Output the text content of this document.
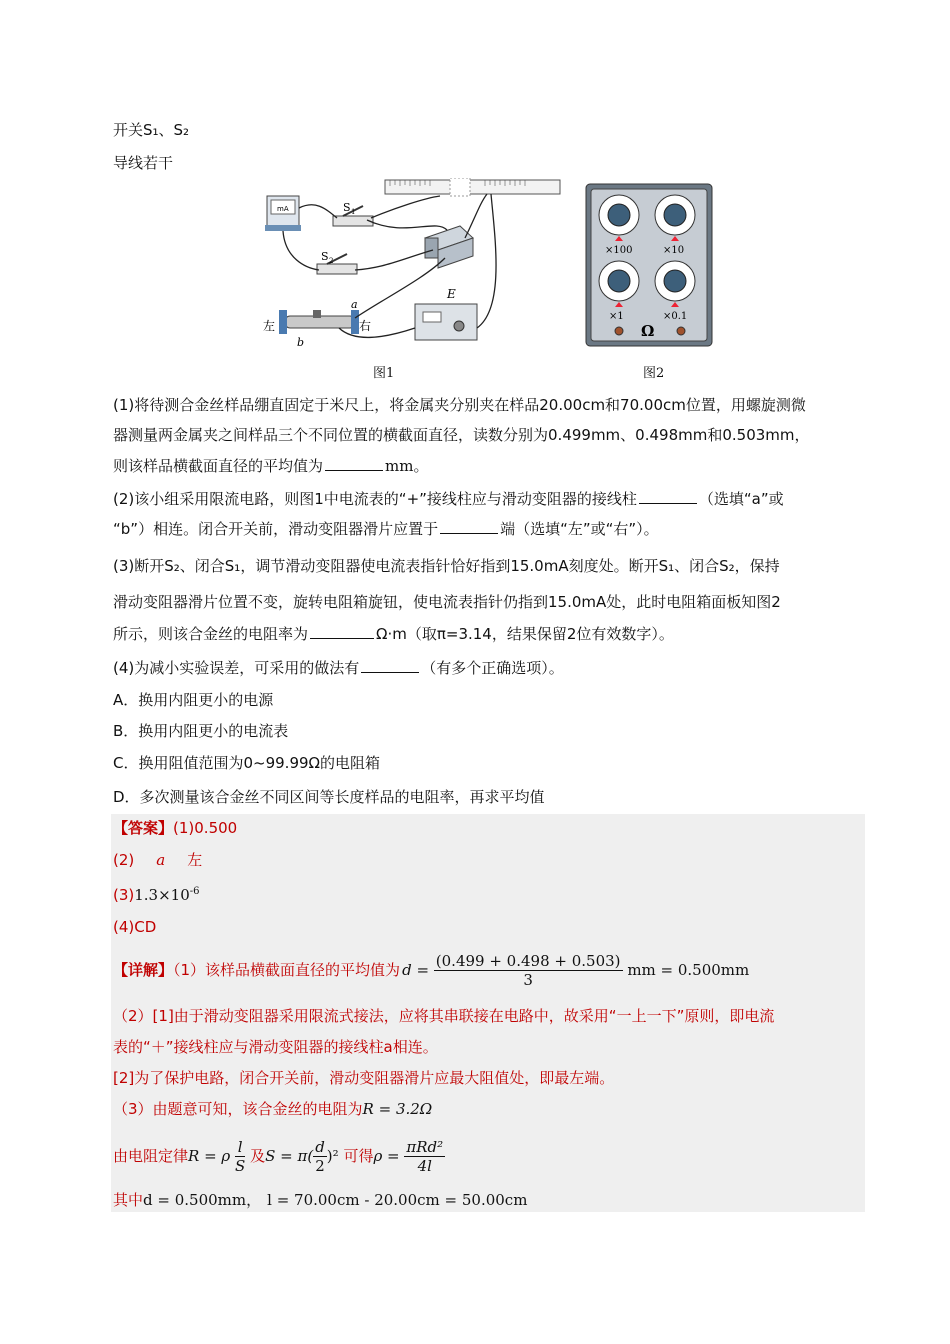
开关S₁、S₂
导线若干
mA	S 1
S 2
左	右
a
b
E
图1
×100	×10
×1	×0.1
Ω
图2
(1)将待测合金丝样品绷直固定于米尺上，将金属夹分别夹在样品20.00cm和70.00cm位置，用螺旋测微
器测量两金属夹之间样品三个不同位置的横截面直径，读数分别为0.499mm、0.498mm和0.503mm，
则该样品横截面直径的平均值为	mm。
(2)该小组采用限流电路，则图1中电流表的“+”接线柱应与滑动变阻器的接线柱	（选填“a”或
“b”）相连。闭合开关前，滑动变阻器滑片应置于	端（选填“左”或“右”）。
(3)断开S₂、闭合S₁，调节滑动变阻器使电流表指针恰好指到15.0mA刻度处。断开S₁、闭合S₂，保持
滑动变阻器滑片位置不变，旋转电阻箱旋钮，使电流表指针仍指到15.0mA处，此时电阻箱面板知图2
所示，则该合金丝的电阻率为	Ω·m（取π=3.14，结果保留2位有效数字）。
(4)为减小实验误差，可采用的做法有	（有多个正确选项）。
A．换用内阻更小的电源
B．换用内阻更小的电流表
C．换用阻值范围为0~99.99Ω的电阻箱
D．多次测量该合金丝不同区间等长度样品的电阻率，再求平均值
【答案】(1)0.500
(2) a 左
$(3)1.3\times 10^{-6}$
(4)CD
【详解】（1）该样品横截面直径的平均值为 $d = \frac{(0.499 + 0.498 + 0.503)}{3}$ mm = 0.500mm
（2）[1]由于滑动变阻器采用限流式接法，应将其串联接在电路中，故采用“一上一下”原则，即电流
表的“＋”接线柱应与滑动变阻器的接线柱a相连。
[2]为了保护电路，闭合开关前，滑动变阻器滑片应最大阻值处，即最左端。
（3）由题意可知，该合金丝的电阻为R = 3.2Ω
由电阻定律R = ρ $\frac{l}{S}$ 及$S = \pi( \frac{d}{2} )^2$ 可得$\rho = \frac{\text{πRd²}}{4l}$
其中d = 0.500mm， l = 70.00cm - 20.00cm = 50.00cm
